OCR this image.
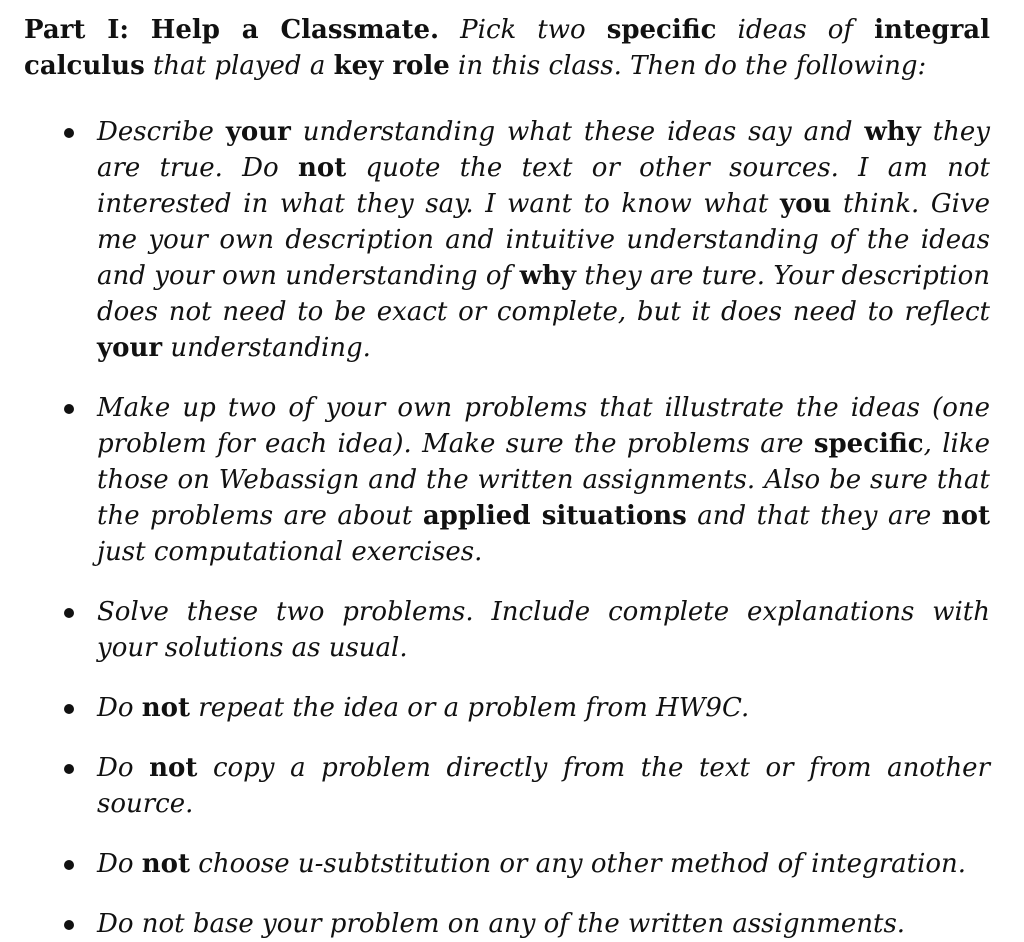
Part I: Help a Classmate. Pick two specific ideas of integral calculus that played a key role in this class. Then do the following:

Describe your understanding what these ideas say and why they are true. Do not quote the text or other sources. I am not interested in what they say. I want to know what you think. Give me your own description and intuitive understanding of the ideas and your own understanding of why they are ture. Your description does not need to be exact or complete, but it does need to reflect your understanding.
Make up two of your own problems that illustrate the ideas (one problem for each idea). Make sure the problems are specific, like those on Webassign and the written assignments. Also be sure that the problems are about applied situations and that they are not just computational exercises.
Solve these two problems. Include complete explanations with your solutions as usual.
Do not repeat the idea or a problem from HW9C.
Do not copy a problem directly from the text or from another source.
Do not choose u-subtstitution or any other method of integration.
Do not base your problem on any of the written assignments.
